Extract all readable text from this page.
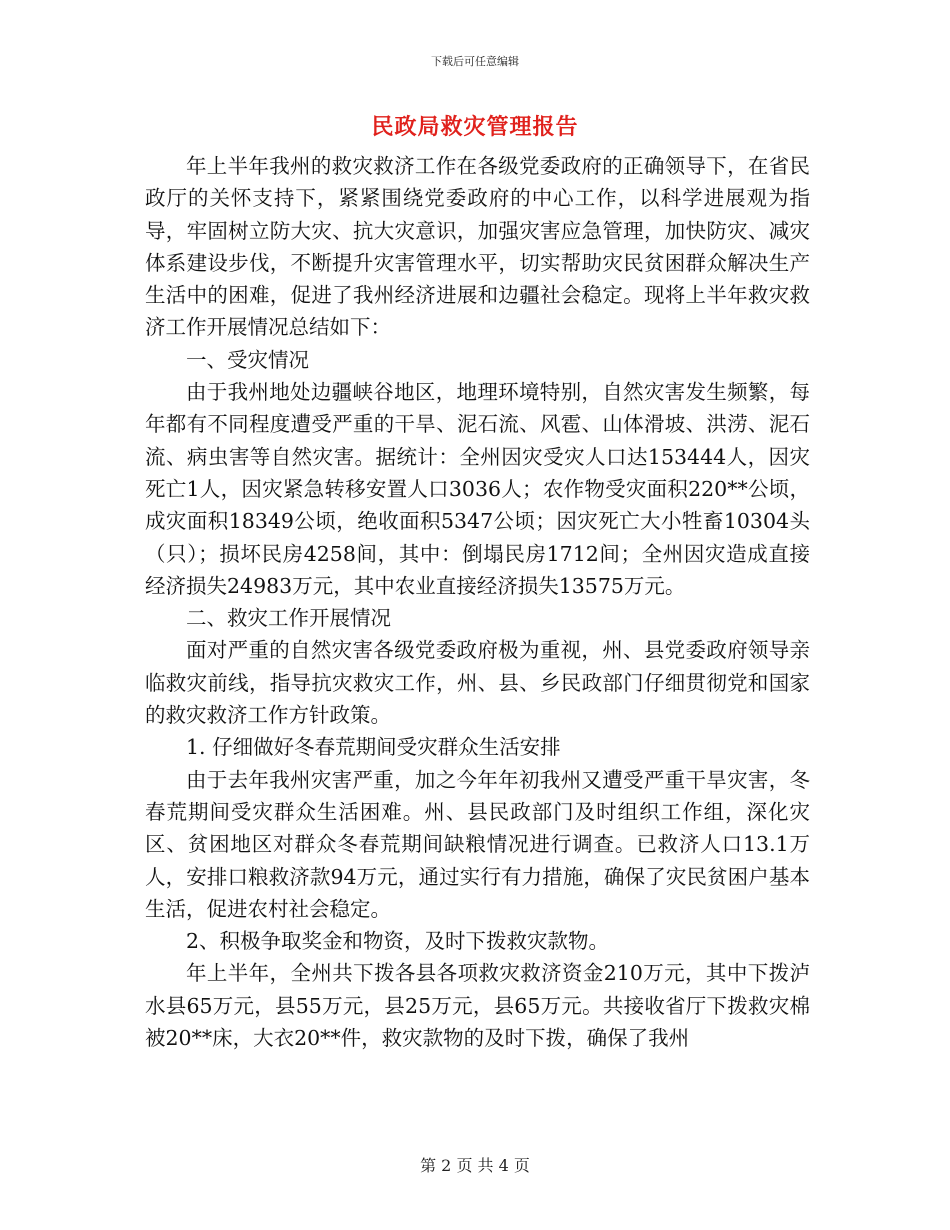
下载后可任意编辑
民政局救灾管理报告

年上半年我州的救灾救济工作在各级党委政府的正确领导下，在省民政厅的关怀支持下，紧紧围绕党委政府的中心工作，以科学进展观为指导，牢固树立防大灾、抗大灾意识，加强灾害应急管理，加快防灾、减灾体系建设步伐，不断提升灾害管理水平，切实帮助灾民贫困群众解决生产生活中的困难，促进了我州经济进展和边疆社会稳定。现将上半年救灾救济工作开展情况总结如下：

一、受灾情况

由于我州地处边疆峡谷地区，地理环境特别，自然灾害发生频繁，每年都有不同程度遭受严重的干旱、泥石流、风雹、山体滑坡、洪涝、泥石流、病虫害等自然灾害。据统计：全州因灾受灾人口达153444人，因灾死亡1人，因灾紧急转移安置人口3036人；农作物受灾面积220**公顷，成灾面积18349公顷，绝收面积5347公顷；因灾死亡大小牲畜10304头（只）；损坏民房4258间，其中：倒塌民房1712间；全州因灾造成直接经济损失24983万元，其中农业直接经济损失13575万元。

二、救灾工作开展情况

面对严重的自然灾害各级党委政府极为重视，州、县党委政府领导亲临救灾前线，指导抗灾救灾工作，州、县、乡民政部门仔细贯彻党和国家的救灾救济工作方针政策。

1. 仔细做好冬春荒期间受灾群众生活安排

由于去年我州灾害严重，加之今年年初我州又遭受严重干旱灾害，冬春荒期间受灾群众生活困难。州、县民政部门及时组织工作组，深化灾区、贫困地区对群众冬春荒期间缺粮情况进行调查。已救济人口13.1万人，安排口粮救济款94万元，通过实行有力措施，确保了灾民贫困户基本生活，促进农村社会稳定。

2、积极争取奖金和物资，及时下拨救灾款物。

年上半年，全州共下拨各县各项救灾救济资金210万元，其中下拨泸水县65万元，县55万元，县25万元，县65万元。共接收省厅下拨救灾棉被20**床，大衣20**件，救灾款物的及时下拨，确保了我州

第 2 页 共 4 页
